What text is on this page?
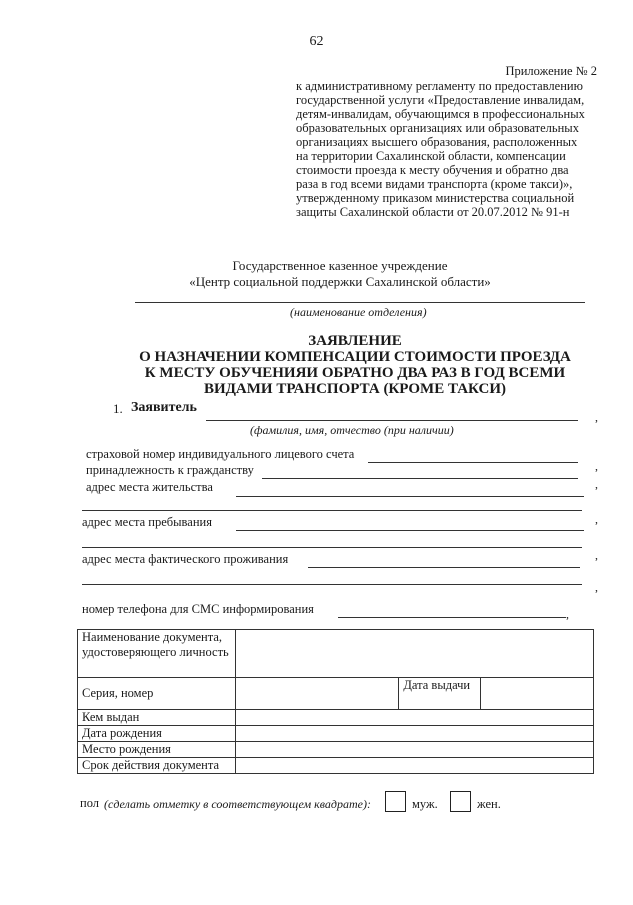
62
Приложение № 2
к административному регламенту по предоставлению
государственной услуги «Предоставление инвалидам,
детям-инвалидам, обучающимся в профессиональных
образовательных организациях или образовательных
организациях высшего образования, расположенных
на территории Сахалинской области, компенсации
стоимости проезда к месту обучения и обратно два
раза в год всеми видами транспорта (кроме такси)»,
утвержденному приказом министерства социальной
защиты Сахалинской области от 20.07.2012 № 91-н
Государственное казенное учреждение
«Центр социальной поддержки Сахалинской области»
(наименование отделения)
ЗАЯВЛЕНИЕ
О НАЗНАЧЕНИИ КОМПЕНСАЦИИ СТОИМОСТИ ПРОЕЗДА
К МЕСТУ ОБУЧЕНИЯИ ОБРАТНО ДВА РАЗ В ГОД ВСЕМИ
ВИДАМИ ТРАНСПОРТА (КРОМЕ ТАКСИ)
1. Заявитель
,
(фамилия, имя, отчество (при наличии)
страховой номер индивидуального лицевого счета
принадлежность к гражданству	,
адрес места жительства	,
адрес места пребывания	,
адрес места фактического проживания	,
,
номер телефона для СМС информирования	,
Наименование документа, удостоверяющего личность			
Серия, номер		Дата выдачи	
Кем выдан			
Дата рождения			
Место рождения			
Срок действия документа			
пол (сделать отметку в соответствующем квадрате):	муж.	жен.
